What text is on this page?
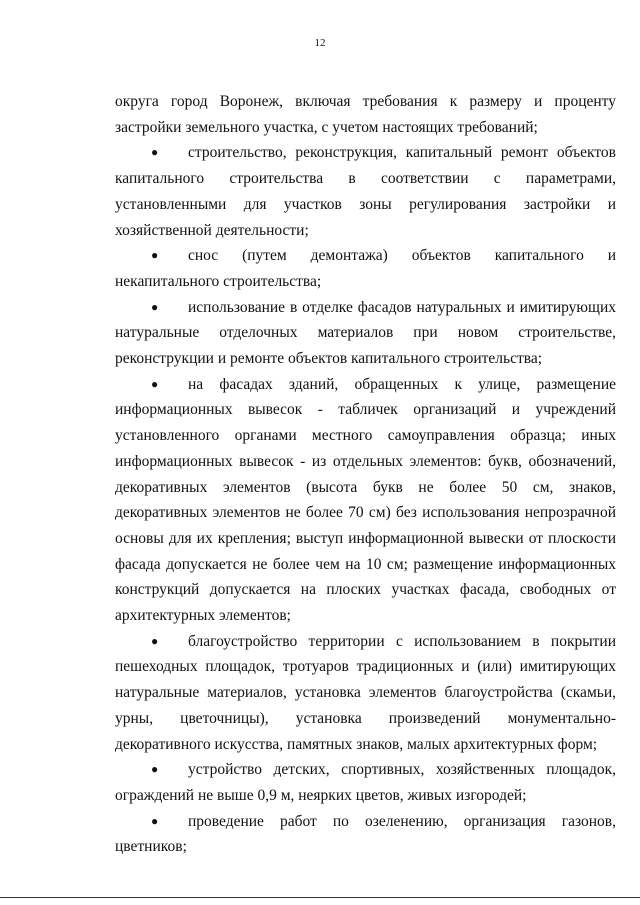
12

округа город Воронеж, включая требования к размеру и проценту застройки земельного участка, с учетом настоящих требований;

● строительство, реконструкция, капитальный ремонт объектов капитального строительства в соответствии с параметрами, установленными для участков зоны регулирования застройки и хозяйственной деятельности;

● снос (путем демонтажа) объектов капитального и некапитального строительства;

● использование в отделке фасадов натуральных и имитирующих натуральные отделочных материалов при новом строительстве, реконструкции и ремонте объектов капитального строительства;

● на фасадах зданий, обращенных к улице, размещение информационных вывесок - табличек организаций и учреждений установленного органами местного самоуправления образца; иных информационных вывесок - из отдельных элементов: букв, обозначений, декоративных элементов (высота букв не более 50 см, знаков, декоративных элементов не более 70 см) без использования непрозрачной основы для их крепления; выступ информационной вывески от плоскости фасада допускается не более чем на 10 см; размещение информационных конструкций допускается на плоских участках фасада, свободных от архитектурных элементов;

● благоустройство территории с использованием в покрытии пешеходных площадок, тротуаров традиционных и (или) имитирующих натуральные материалов, установка элементов благоустройства (скамьи, урны, цветочницы), установка произведений монументально-декоративного искусства, памятных знаков, малых архитектурных форм;

● устройство детских, спортивных, хозяйственных площадок, ограждений не выше 0,9 м, неярких цветов, живых изгородей;

● проведение работ по озеленению, организация газонов, цветников;
